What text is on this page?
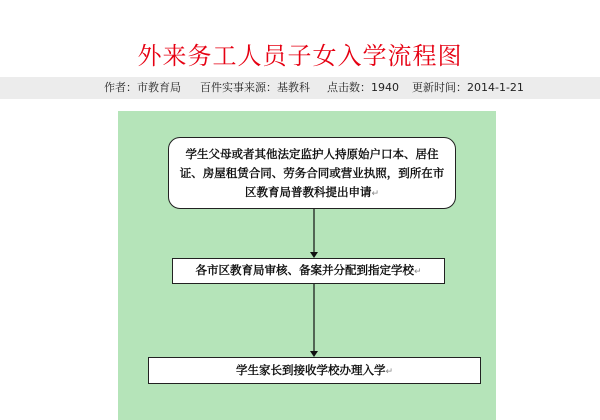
外来务工人员子女入学流程图
作者：市教育局 百件实事来源：基教科 点击数：1940 更新时间：2014-1-21
学生父母或者其他法定监护人持原始户口本、居住证、房屋租赁合同、劳务合同或营业执照，到所在市区教育局普教科提出申请↵
各市区教育局审核、备案并分配到指定学校↵
学生家长到接收学校办理入学↵
